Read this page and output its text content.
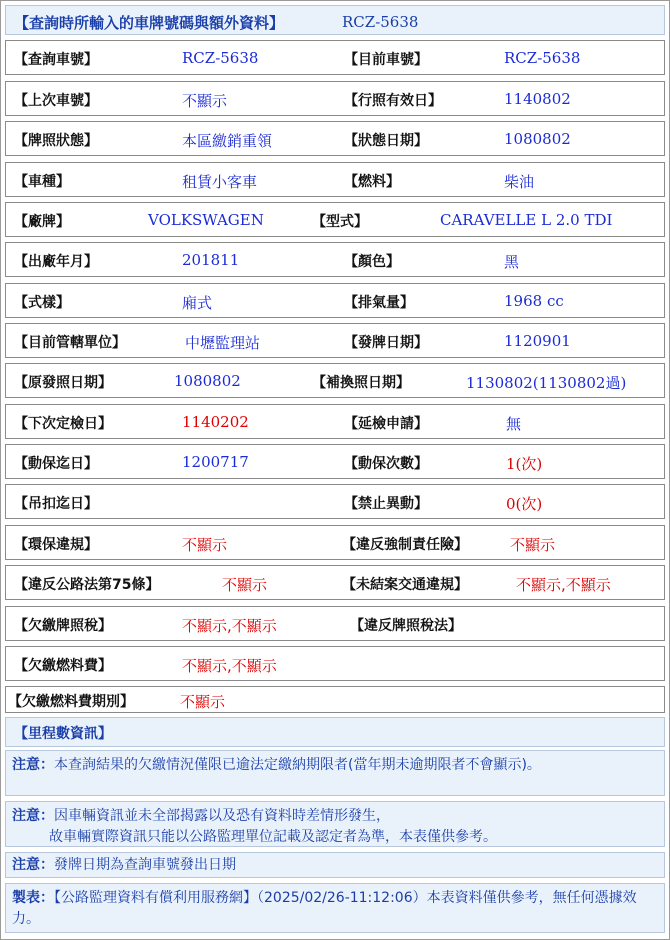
【查詢時所輸入的車牌號碼與額外資料】	RCZ-5638
【查詢車號】	RCZ-5638	【目前車號】	RCZ-5638
【上次車號】	不顯示	【行照有效日】	1140802
【牌照狀態】	本區繳銷重領	【狀態日期】	1080802
【車種】	租賃小客車	【燃料】	柴油
【廠牌】	VOLKSWAGEN	【型式】	CARAVELLE L 2.0 TDI
【出廠年月】	201811	【顏色】	黑
【式樣】	廂式	【排氣量】	1968 cc
【目前管轄單位】	中壢監理站	【發牌日期】	1120901
【原發照日期】	1080802	【補換照日期】	1130802(1130802過)
【下次定檢日】	1140202	【延檢申請】	無
【動保迄日】	1200717	【動保次數】	1(次)
【吊扣迄日】	【禁止異動】	0(次)
【環保違規】	不顯示	【違反強制責任險】	不顯示
【違反公路法第75條】	不顯示	【未結案交通違規】	不顯示,不顯示
【欠繳牌照稅】	不顯示,不顯示	【違反牌照稅法】
【欠繳燃料費】	不顯示,不顯示
【欠繳燃料費期別】	不顯示
【里程數資訊】
注意：本查詢結果的欠繳情況僅限已逾法定繳納期限者(當年期未逾期限者不會顯示)。
注意：因車輛資訊並未全部揭露以及恐有資料時差情形發生，
故車輛實際資訊只能以公路監理單位記載及認定者為準，本表僅供參考。
注意：發牌日期為查詢車號發出日期
製表：【公路監理資料有償利用服務網】（2025/02/26-11:12:06）本表資料僅供參考，無任何憑據效力。
